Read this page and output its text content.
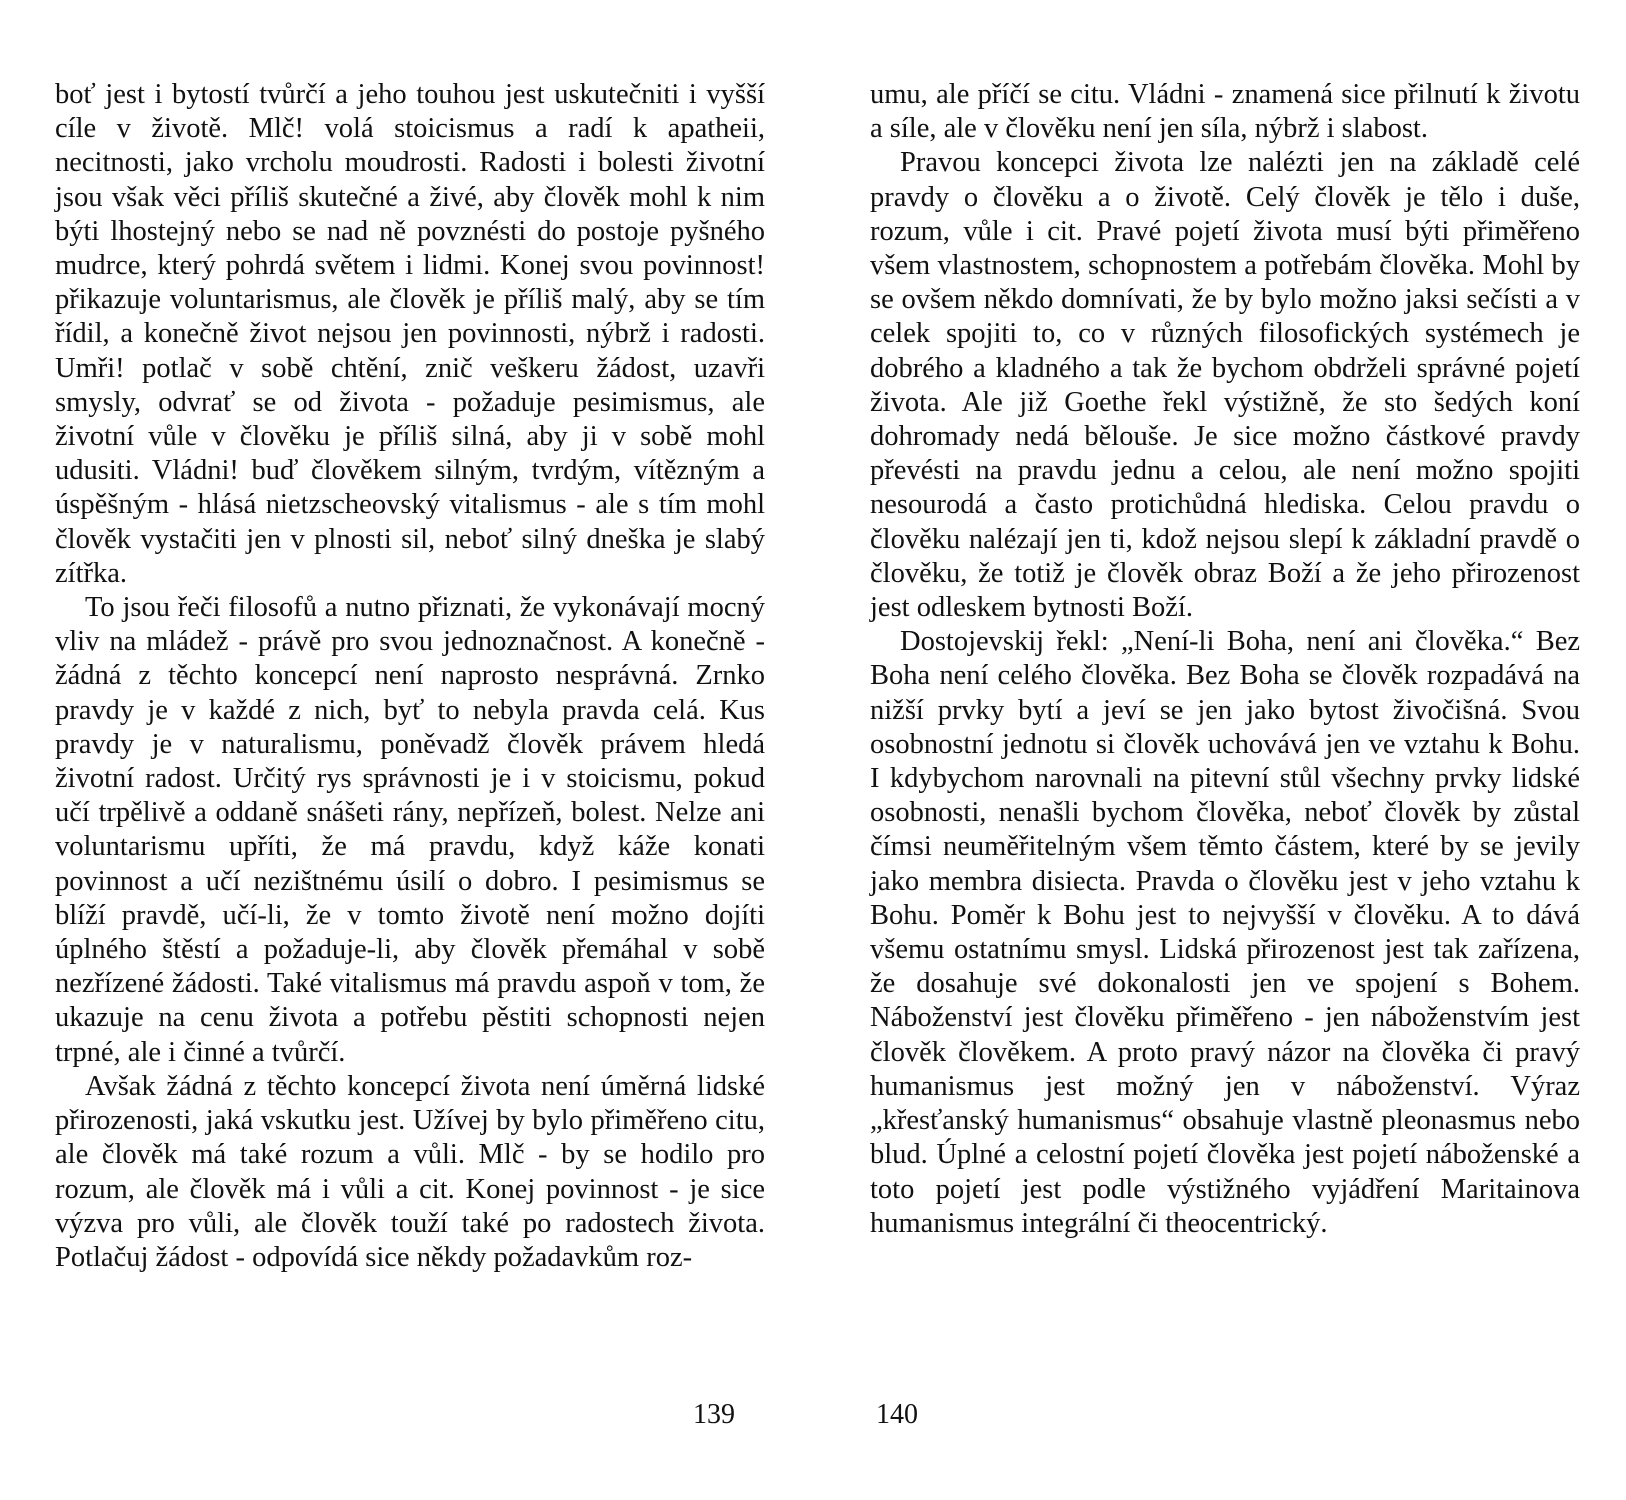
boť jest i bytostí tvůrčí a jeho touhou jest uskutečniti i vyšší cíle v životě. Mlč! volá stoicismus a radí k apatheii, necitnosti, jako vrcholu moudrosti. Radosti i bolesti životní jsou však věci příliš skutečné a živé, aby člověk mohl k nim býti lhostejný nebo se nad ně povznésti do postoje pyšného mudrce, který pohrdá světem i lidmi. Konej svou povinnost! přikazuje voluntarismus, ale člověk je příliš malý, aby se tím řídil, a konečně život nejsou jen povinnosti, nýbrž i radosti. Umři! potlač v sobě chtění, znič veškeru žádost, uzavři smysly, odvrať se od života - požaduje pesimismus, ale životní vůle v člověku je příliš silná, aby ji v sobě mohl udusiti. Vládni! buď člověkem silným, tvrdým, vítězným a úspěšným - hlásá nietzscheovský vitalismus - ale s tím mohl člověk vystačiti jen v plnosti sil, neboť silný dneška je slabý zítřka.

To jsou řeči filosofů a nutno přiznati, že vykonávají mocný vliv na mládež - právě pro svou jednoznačnost. A konečně - žádná z těchto koncepcí není naprosto nesprávná. Zrnko pravdy je v každé z nich, byť to nebyla pravda celá. Kus pravdy je v naturalismu, poněvadž člověk právem hledá životní radost. Určitý rys správnosti je i v stoicismu, pokud učí trpělivě a oddaně snášeti rány, nepřízeň, bolest. Nelze ani voluntarismu upříti, že má pravdu, když káže konati povinnost a učí nezištnému úsilí o dobro. I pesimismus se blíží pravdě, učí-li, že v tomto životě není možno dojíti úplného štěstí a požaduje-li, aby člověk přemáhal v sobě nezřízené žádosti. Také vitalismus má pravdu aspoň v tom, že ukazuje na cenu života a potřebu pěstiti schopnosti nejen trpné, ale i činné a tvůrčí.

Avšak žádná z těchto koncepcí života není úměrná lidské přirozenosti, jaká vskutku jest. Užívej by bylo přiměřeno citu, ale člověk má také rozum a vůli. Mlč - by se hodilo pro rozum, ale člověk má i vůli a cit. Konej povinnost - je sice výzva pro vůli, ale člověk touží také po radostech života. Potlačuj žádost - odpovídá sice někdy požadavkům roz-

139

umu, ale příčí se citu. Vládni - znamená sice přilnutí k životu a síle, ale v člověku není jen síla, nýbrž i slabost.

Pravou koncepci života lze nalézti jen na základě celé pravdy o člověku a o životě. Celý člověk je tělo i duše, rozum, vůle i cit. Pravé pojetí života musí býti přiměřeno všem vlastnostem, schopnostem a potřebám člověka. Mohl by se ovšem někdo domnívati, že by bylo možno jaksi sečísti a v celek spojiti to, co v různých filosofických systémech je dobrého a kladného a tak že bychom obdrželi správné pojetí života. Ale již Goethe řekl výstižně, že sto šedých koní dohromady nedá bělouše. Je sice možno částkové pravdy převésti na pravdu jednu a celou, ale není možno spojiti nesourodá a často protichůdná hlediska. Celou pravdu o člověku nalézají jen ti, kdož nejsou slepí k základní pravdě o člověku, že totiž je člověk obraz Boží a že jeho přirozenost jest odleskem bytnosti Boží.

Dostojevskij řekl: „Není-li Boha, není ani člověka.“ Bez Boha není celého člověka. Bez Boha se člověk rozpadává na nižší prvky bytí a jeví se jen jako bytost živočišná. Svou osobnostní jednotu si člověk uchovává jen ve vztahu k Bohu. I kdybychom narovnali na pitevní stůl všechny prvky lidské osobnosti, nenašli bychom člověka, neboť člověk by zůstal čímsi neuměřitelným všem těmto částem, které by se jevily jako membra disiecta. Pravda o člověku jest v jeho vztahu k Bohu. Poměr k Bohu jest to nejvyšší v člověku. A to dává všemu ostatnímu smysl. Lidská přirozenost jest tak zařízena, že dosahuje své dokonalosti jen ve spojení s Bohem. Náboženství jest člověku přiměřeno - jen náboženstvím jest člověk člověkem. A proto pravý názor na člověka či pravý humanismus jest možný jen v náboženství. Výraz „křesťanský humanismus“ obsahuje vlastně pleonasmus nebo blud. Úplné a celostní pojetí člověka jest pojetí náboženské a toto pojetí jest podle výstižného vyjádření Maritainova humanismus integrální či theocentrický.

140
